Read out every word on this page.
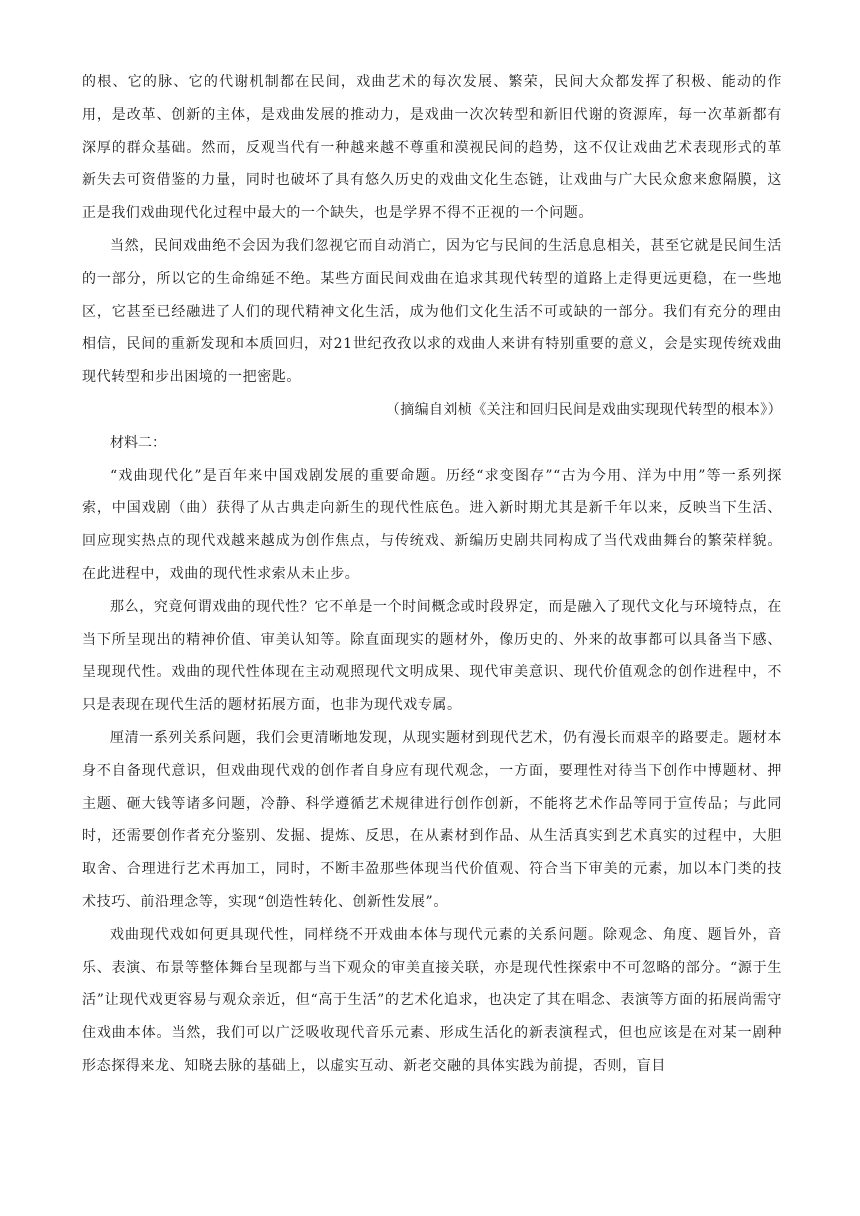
的根、它的脉、它的代谢机制都在民间，戏曲艺术的每次发展、繁荣，民间大众都发挥了积极、能动的作用，是改革、创新的主体，是戏曲发展的推动力，是戏曲一次次转型和新旧代谢的资源库，每一次革新都有深厚的群众基础。然而，反观当代有一种越来越不尊重和漠视民间的趋势，这不仅让戏曲艺术表现形式的革新失去可资借鉴的力量，同时也破坏了具有悠久历史的戏曲文化生态链，让戏曲与广大民众愈来愈隔膜，这正是我们戏曲现代化过程中最大的一个缺失，也是学界不得不正视的一个问题。

当然，民间戏曲绝不会因为我们忽视它而自动消亡，因为它与民间的生活息息相关，甚至它就是民间生活的一部分，所以它的生命绵延不绝。某些方面民间戏曲在追求其现代转型的道路上走得更远更稳，在一些地区，它甚至已经融进了人们的现代精神文化生活，成为他们文化生活不可或缺的一部分。我们有充分的理由相信，民间的重新发现和本质回归，对21世纪孜孜以求的戏曲人来讲有特别重要的意义，会是实现传统戏曲现代转型和步出困境的一把密匙。

（摘编自刘桢《关注和回归民间是戏曲实现现代转型的根本》）

材料二：

“戏曲现代化”是百年来中国戏剧发展的重要命题。历经“求变图存”“古为今用、洋为中用”等一系列探索，中国戏剧（曲）获得了从古典走向新生的现代性底色。进入新时期尤其是新千年以来，反映当下生活、回应现实热点的现代戏越来越成为创作焦点，与传统戏、新编历史剧共同构成了当代戏曲舞台的繁荣样貌。在此进程中，戏曲的现代性求索从未止步。

那么，究竟何谓戏曲的现代性？它不单是一个时间概念或时段界定，而是融入了现代文化与环境特点，在当下所呈现出的精神价值、审美认知等。除直面现实的题材外，像历史的、外来的故事都可以具备当下感、呈现现代性。戏曲的现代性体现在主动观照现代文明成果、现代审美意识、现代价值观念的创作进程中，不只是表现在现代生活的题材拓展方面，也非为现代戏专属。

厘清一系列关系问题，我们会更清晰地发现，从现实题材到现代艺术，仍有漫长而艰辛的路要走。题材本身不自备现代意识，但戏曲现代戏的创作者自身应有现代观念，一方面，要理性对待当下创作中博题材、押主题、砸大钱等诸多问题，冷静、科学遵循艺术规律进行创作创新，不能将艺术作品等同于宣传品；与此同时，还需要创作者充分鉴别、发掘、提炼、反思，在从素材到作品、从生活真实到艺术真实的过程中，大胆取舍、合理进行艺术再加工，同时，不断丰盈那些体现当代价值观、符合当下审美的元素，加以本门类的技术技巧、前沿理念等，实现“创造性转化、创新性发展”。

戏曲现代戏如何更具现代性，同样绕不开戏曲本体与现代元素的关系问题。除观念、角度、题旨外，音乐、表演、布景等整体舞台呈现都与当下观众的审美直接关联，亦是现代性探索中不可忽略的部分。“源于生活”让现代戏更容易与观众亲近，但“高于生活”的艺术化追求，也决定了其在唱念、表演等方面的拓展尚需守住戏曲本体。当然，我们可以广泛吸收现代音乐元素、形成生活化的新表演程式，但也应该是在对某一剧种形态探得来龙、知晓去脉的基础上，以虚实互动、新老交融的具体实践为前提，否则，盲目
